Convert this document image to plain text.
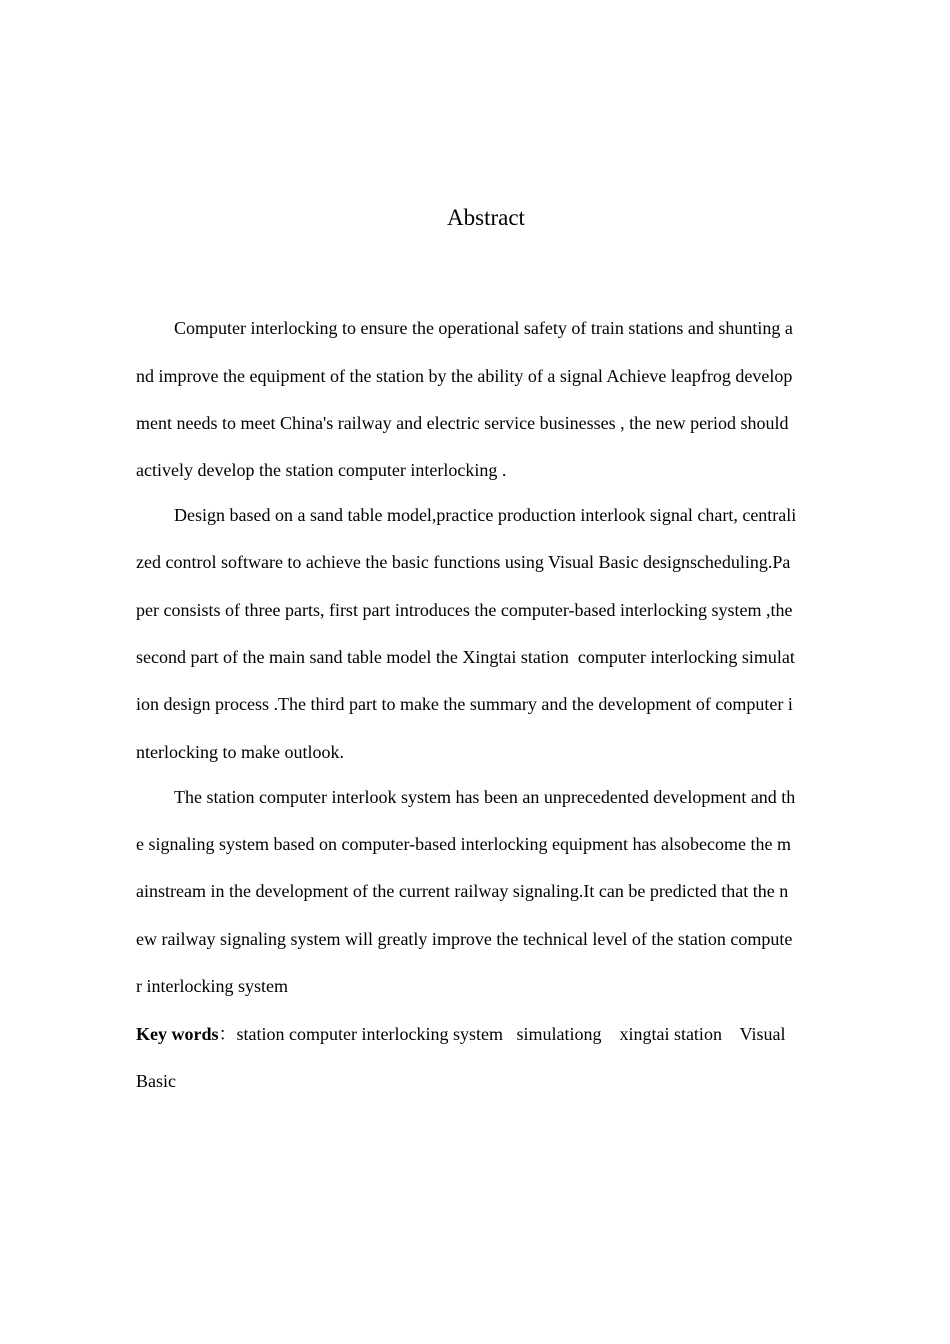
Abstract
Computer interlocking to ensure the operational safety of train stations and shunting a
nd improve the equipment of the station by the ability of a signal Achieve leapfrog develop
ment needs to meet China's railway and electric service businesses , the new period should
actively develop the station computer interlocking .
Design based on a sand table model,practice production interlook signal chart, centrali
zed control software to achieve the basic functions using Visual Basic designscheduling.Pa
per consists of three parts, first part introduces the computer-based interlocking system ,the
second part of the main sand table model the Xingtai station  computer interlocking simulat
ion design process .The third part to make the summary and the development of computer i
nterlocking to make outlook.
The station computer interlook system has been an unprecedented development and th
e signaling system based on computer-based interlocking equipment has alsobecome the m
ainstream in the development of the current railway signaling.It can be predicted that the n
ew railway signaling system will greatly improve the technical level of the station compute
r interlocking system
Key words：station computer interlocking system   simulationg    xingtai station    Visual
Basic
